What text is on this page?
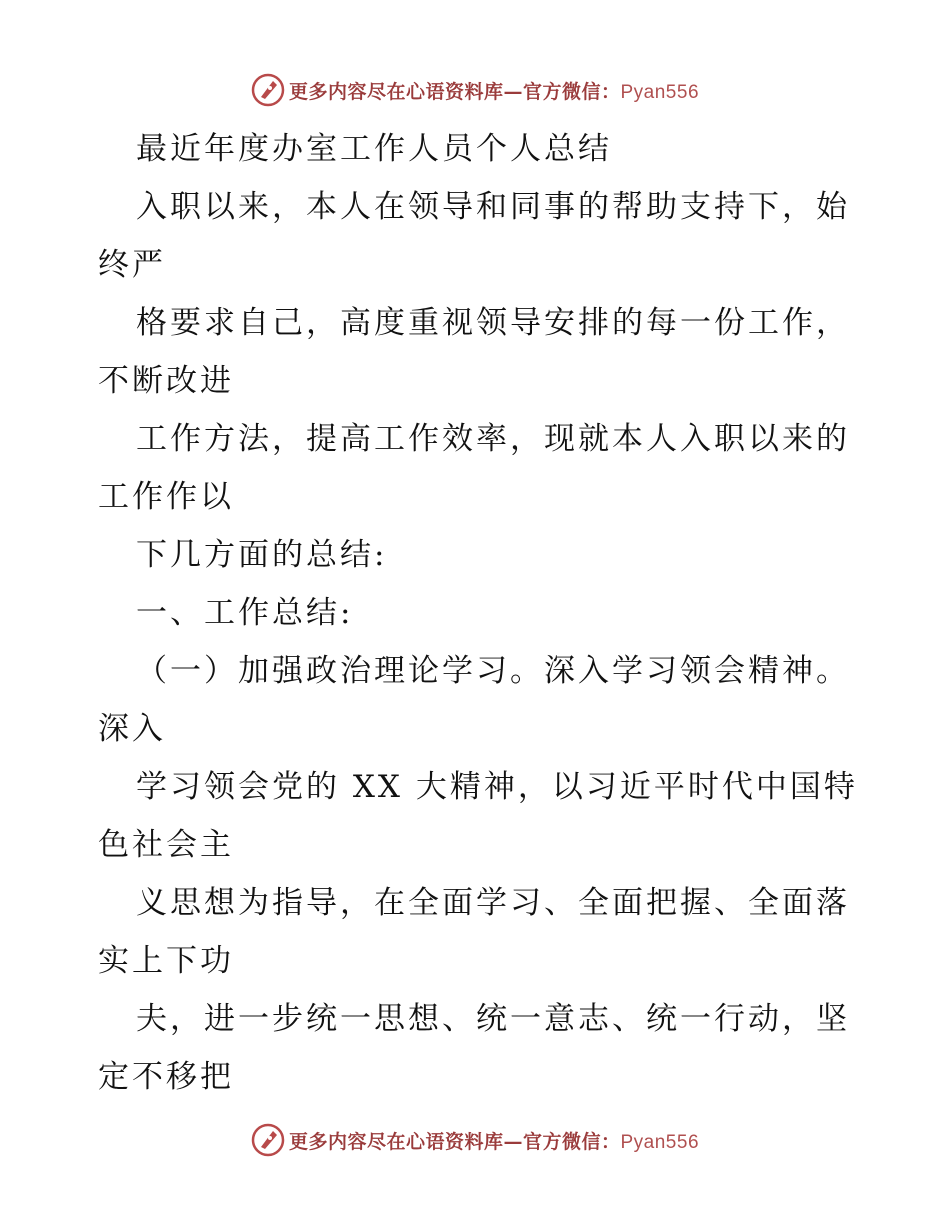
更多内容尽在心语资料库—官方微信：Pyan556
最近年度办室工作人员个人总结
入职以来，本人在领导和同事的帮助支持下，始
终严
格要求自己，高度重视领导安排的每一份工作，
不断改进
工作方法，提高工作效率，现就本人入职以来的
工作作以
下几方面的总结:
一、工作总结:
（一）加强政治理论学习。深入学习领会精神。
深入
学习领会党的 XX 大精神，以习近平时代中国特
色社会主
义思想为指导，在全面学习、全面把握、全面落
实上下功
夫，进一步统一思想、统一意志、统一行动，坚
定不移把
更多内容尽在心语资料库—官方微信：Pyan556
